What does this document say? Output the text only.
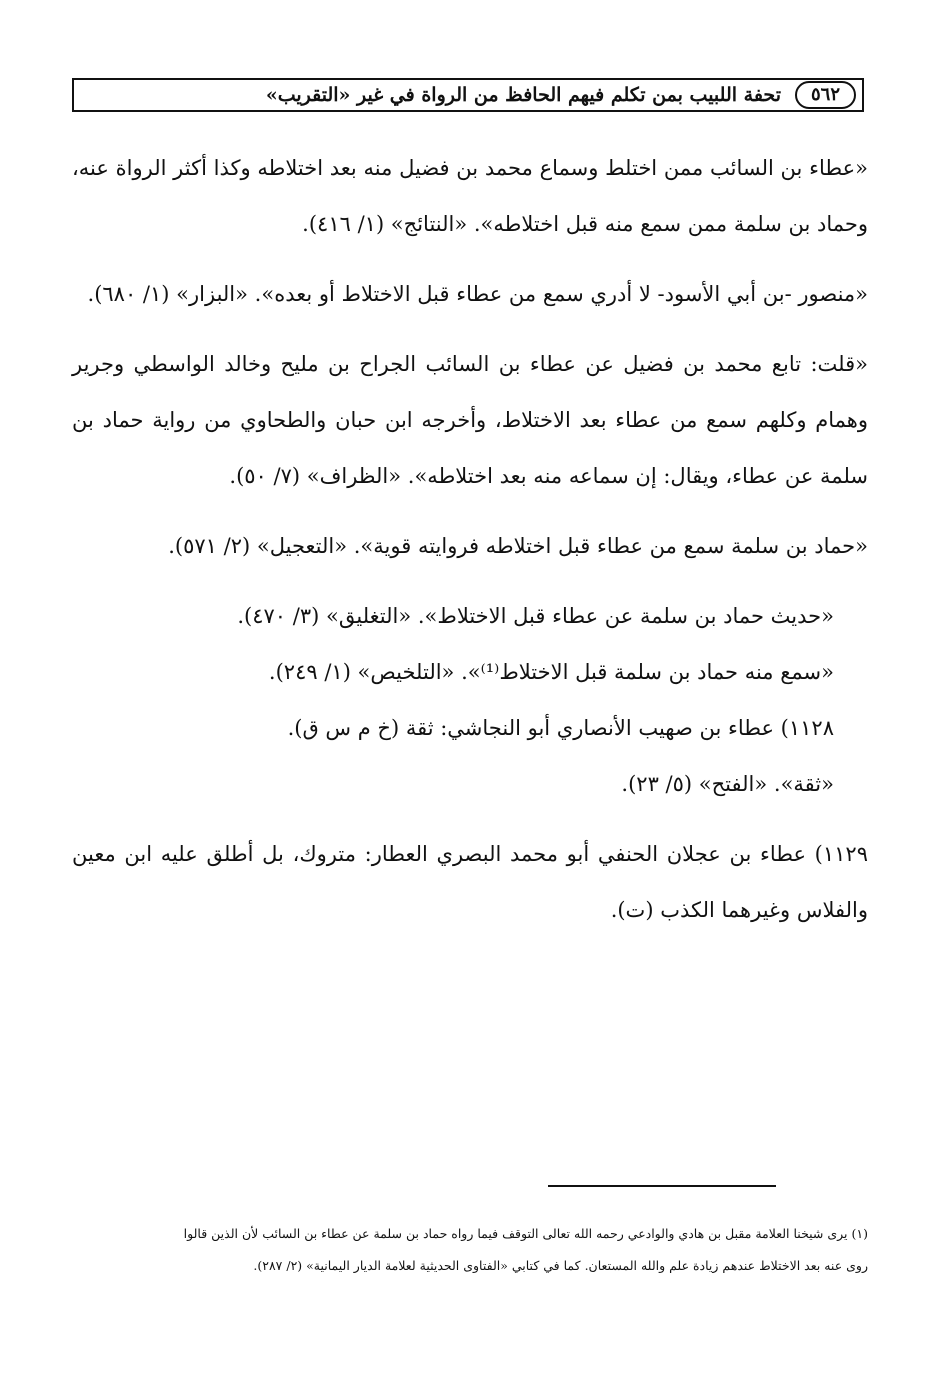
٥٦٢
تحفة اللبيب بمن تكلم فيهم الحافظ من الرواة في غير «التقريب»

«عطاء بن السائب ممن اختلط وسماع محمد بن فضيل منه بعد اختلاطه وكذا أكثر الرواة عنه، وحماد بن سلمة ممن سمع منه قبل اختلاطه». «النتائج» (١/ ٤١٦).

«منصور -بن أبي الأسود- لا أدري سمع من عطاء قبل الاختلاط أو بعده». «البزار» (١/ ٦٨٠).

«قلت: تابع محمد بن فضيل عن عطاء بن السائب الجراح بن مليح وخالد الواسطي وجرير وهمام وكلهم سمع من عطاء بعد الاختلاط، وأخرجه ابن حبان والطحاوي من رواية حماد بن سلمة عن عطاء، ويقال: إن سماعه منه بعد اختلاطه». «الظراف» (٧/ ٥٠).

«حماد بن سلمة سمع من عطاء قبل اختلاطه فروايته قوية». «التعجيل» (٢/ ٥٧١).

«حديث حماد بن سلمة عن عطاء قبل الاختلاط». «التغليق» (٣/ ٤٧٠).

«سمع منه حماد بن سلمة قبل الاختلاط⁽¹⁾». «التلخيص» (١/ ٢٤٩).

١١٢٨) عطاء بن صهيب الأنصاري أبو النجاشي: ثقة (خ م س ق).

«ثقة». «الفتح» (٥/ ٢٣).

١١٢٩) عطاء بن عجلان الحنفي أبو محمد البصري العطار: متروك، بل أطلق عليه ابن معين والفلاس وغيرهما الكذب (ت).

(١) يرى شيخنا العلامة مقبل بن هادي والوادعي رحمه الله تعالى التوقف فيما رواه حماد بن سلمة عن عطاء بن السائب لأن الذين قالوا

روى عنه بعد الاختلاط عندهم زيادة علم والله المستعان. كما في كتابي «الفتاوى الحديثية لعلامة الديار اليمانية» (٢/ ٢٨٧).
